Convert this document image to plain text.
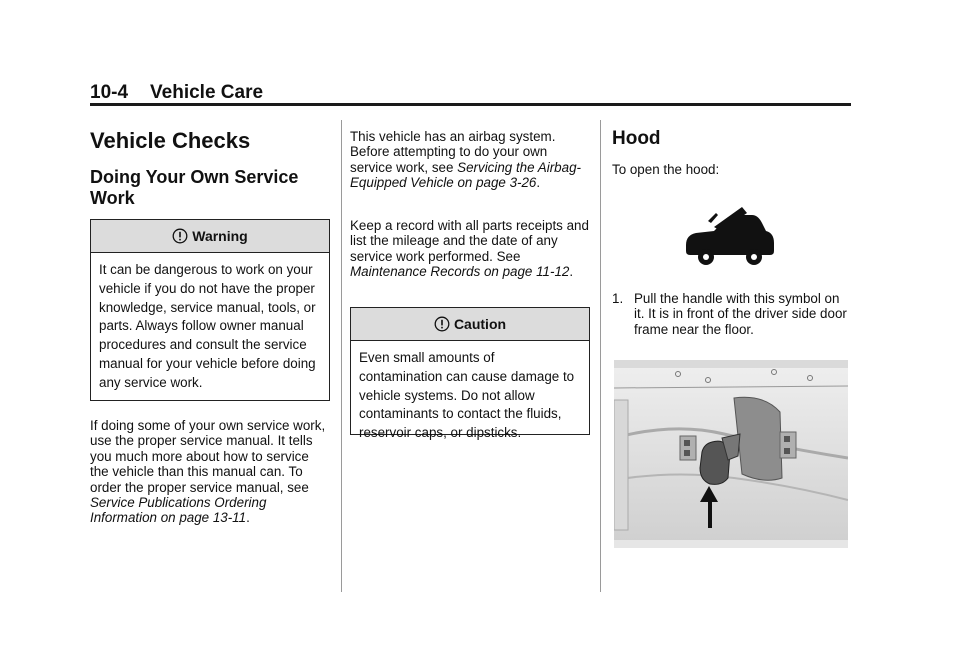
10-4 Vehicle Care
Vehicle Checks
Doing Your Own Service Work
Warning
It can be dangerous to work on your vehicle if you do not have the proper knowledge, service manual, tools, or parts. Always follow owner manual procedures and consult the service manual for your vehicle before doing any service work.

If doing some of your own service work, use the proper service manual. It tells you much more about how to service the vehicle than this manual can. To order the proper service manual, see Service Publications Ordering Information on page 13-11.

This vehicle has an airbag system. Before attempting to do your own service work, see Servicing the Airbag-Equipped Vehicle on page 3-26.

Keep a record with all parts receipts and list the mileage and the date of any service work performed. See Maintenance Records on page 11-12.

Caution
Even small amounts of contamination can cause damage to vehicle systems. Do not allow contaminants to contact the fluids, reservoir caps, or dipsticks.
Hood

To open the hood:

1. Pull the handle with this symbol on it. It is in front of the driver side door frame near the floor.
